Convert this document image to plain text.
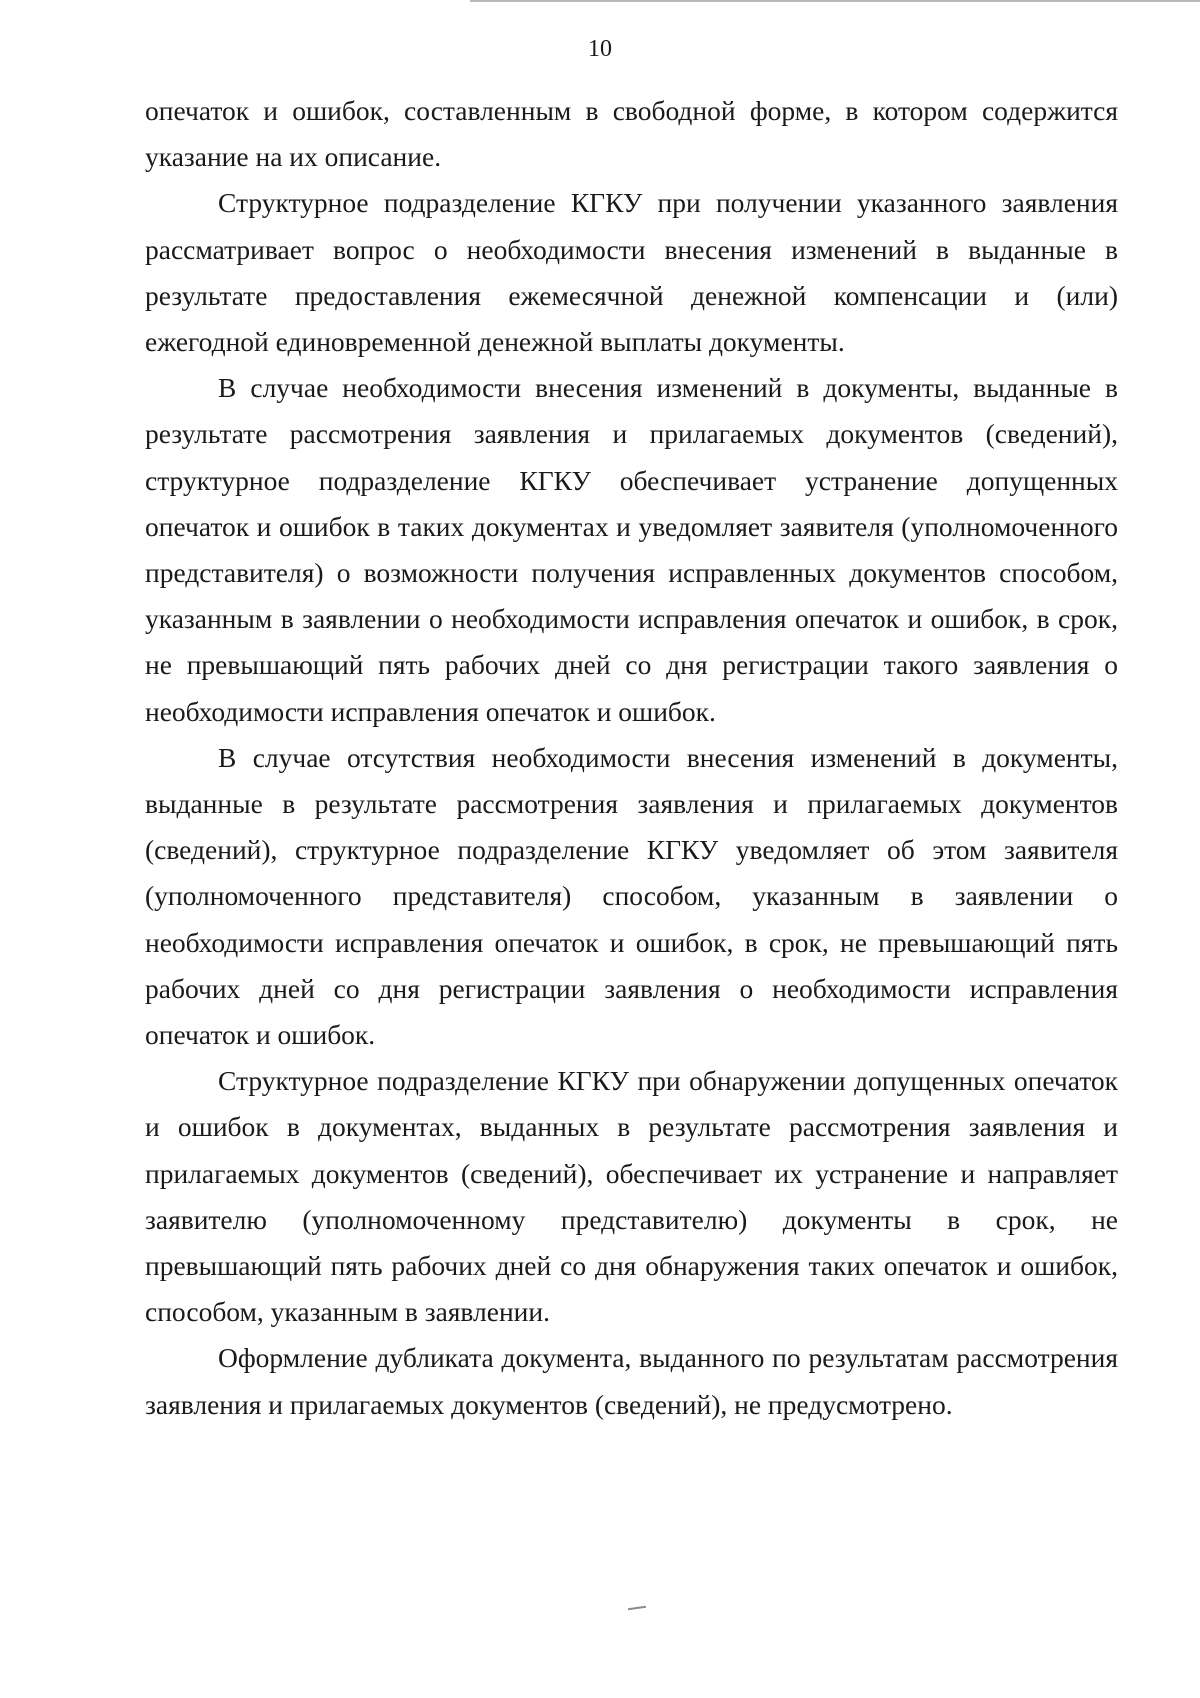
10

опечаток и ошибок, составленным в свободной форме, в котором содержится указание на их описание.

Структурное подразделение КГКУ при получении указанного заявления рассматривает вопрос о необходимости внесения изменений в выданные в результате предоставления ежемесячной денежной компенсации и (или) ежегодной единовременной денежной выплаты документы.

В случае необходимости внесения изменений в документы, выданные в результате рассмотрения заявления и прилагаемых документов (сведений), структурное подразделение КГКУ обеспечивает устранение допущенных опечаток и ошибок в таких документах и уведомляет заявителя (уполномоченного представителя) о возможности получения исправленных документов способом, указанным в заявлении о необходимости исправления опечаток и ошибок, в срок, не превышающий пять рабочих дней со дня регистрации такого заявления о необходимости исправления опечаток и ошибок.

В случае отсутствия необходимости внесения изменений в документы, выданные в результате рассмотрения заявления и прилагаемых документов (сведений), структурное подразделение КГКУ уведомляет об этом заявителя (уполномоченного представителя) способом, указанным в заявлении о необходимости исправления опечаток и ошибок, в срок, не превышающий пять рабочих дней со дня регистрации заявления о необходимости исправления опечаток и ошибок.

Структурное подразделение КГКУ при обнаружении допущенных опечаток и ошибок в документах, выданных в результате рассмотрения заявления и прилагаемых документов (сведений), обеспечивает их устранение и направляет заявителю (уполномоченному представителю) документы в срок, не превышающий пять рабочих дней со дня обнаружения таких опечаток и ошибок, способом, указанным в заявлении.

Оформление дубликата документа, выданного по результатам рассмотрения заявления и прилагаемых документов (сведений), не предусмотрено.
